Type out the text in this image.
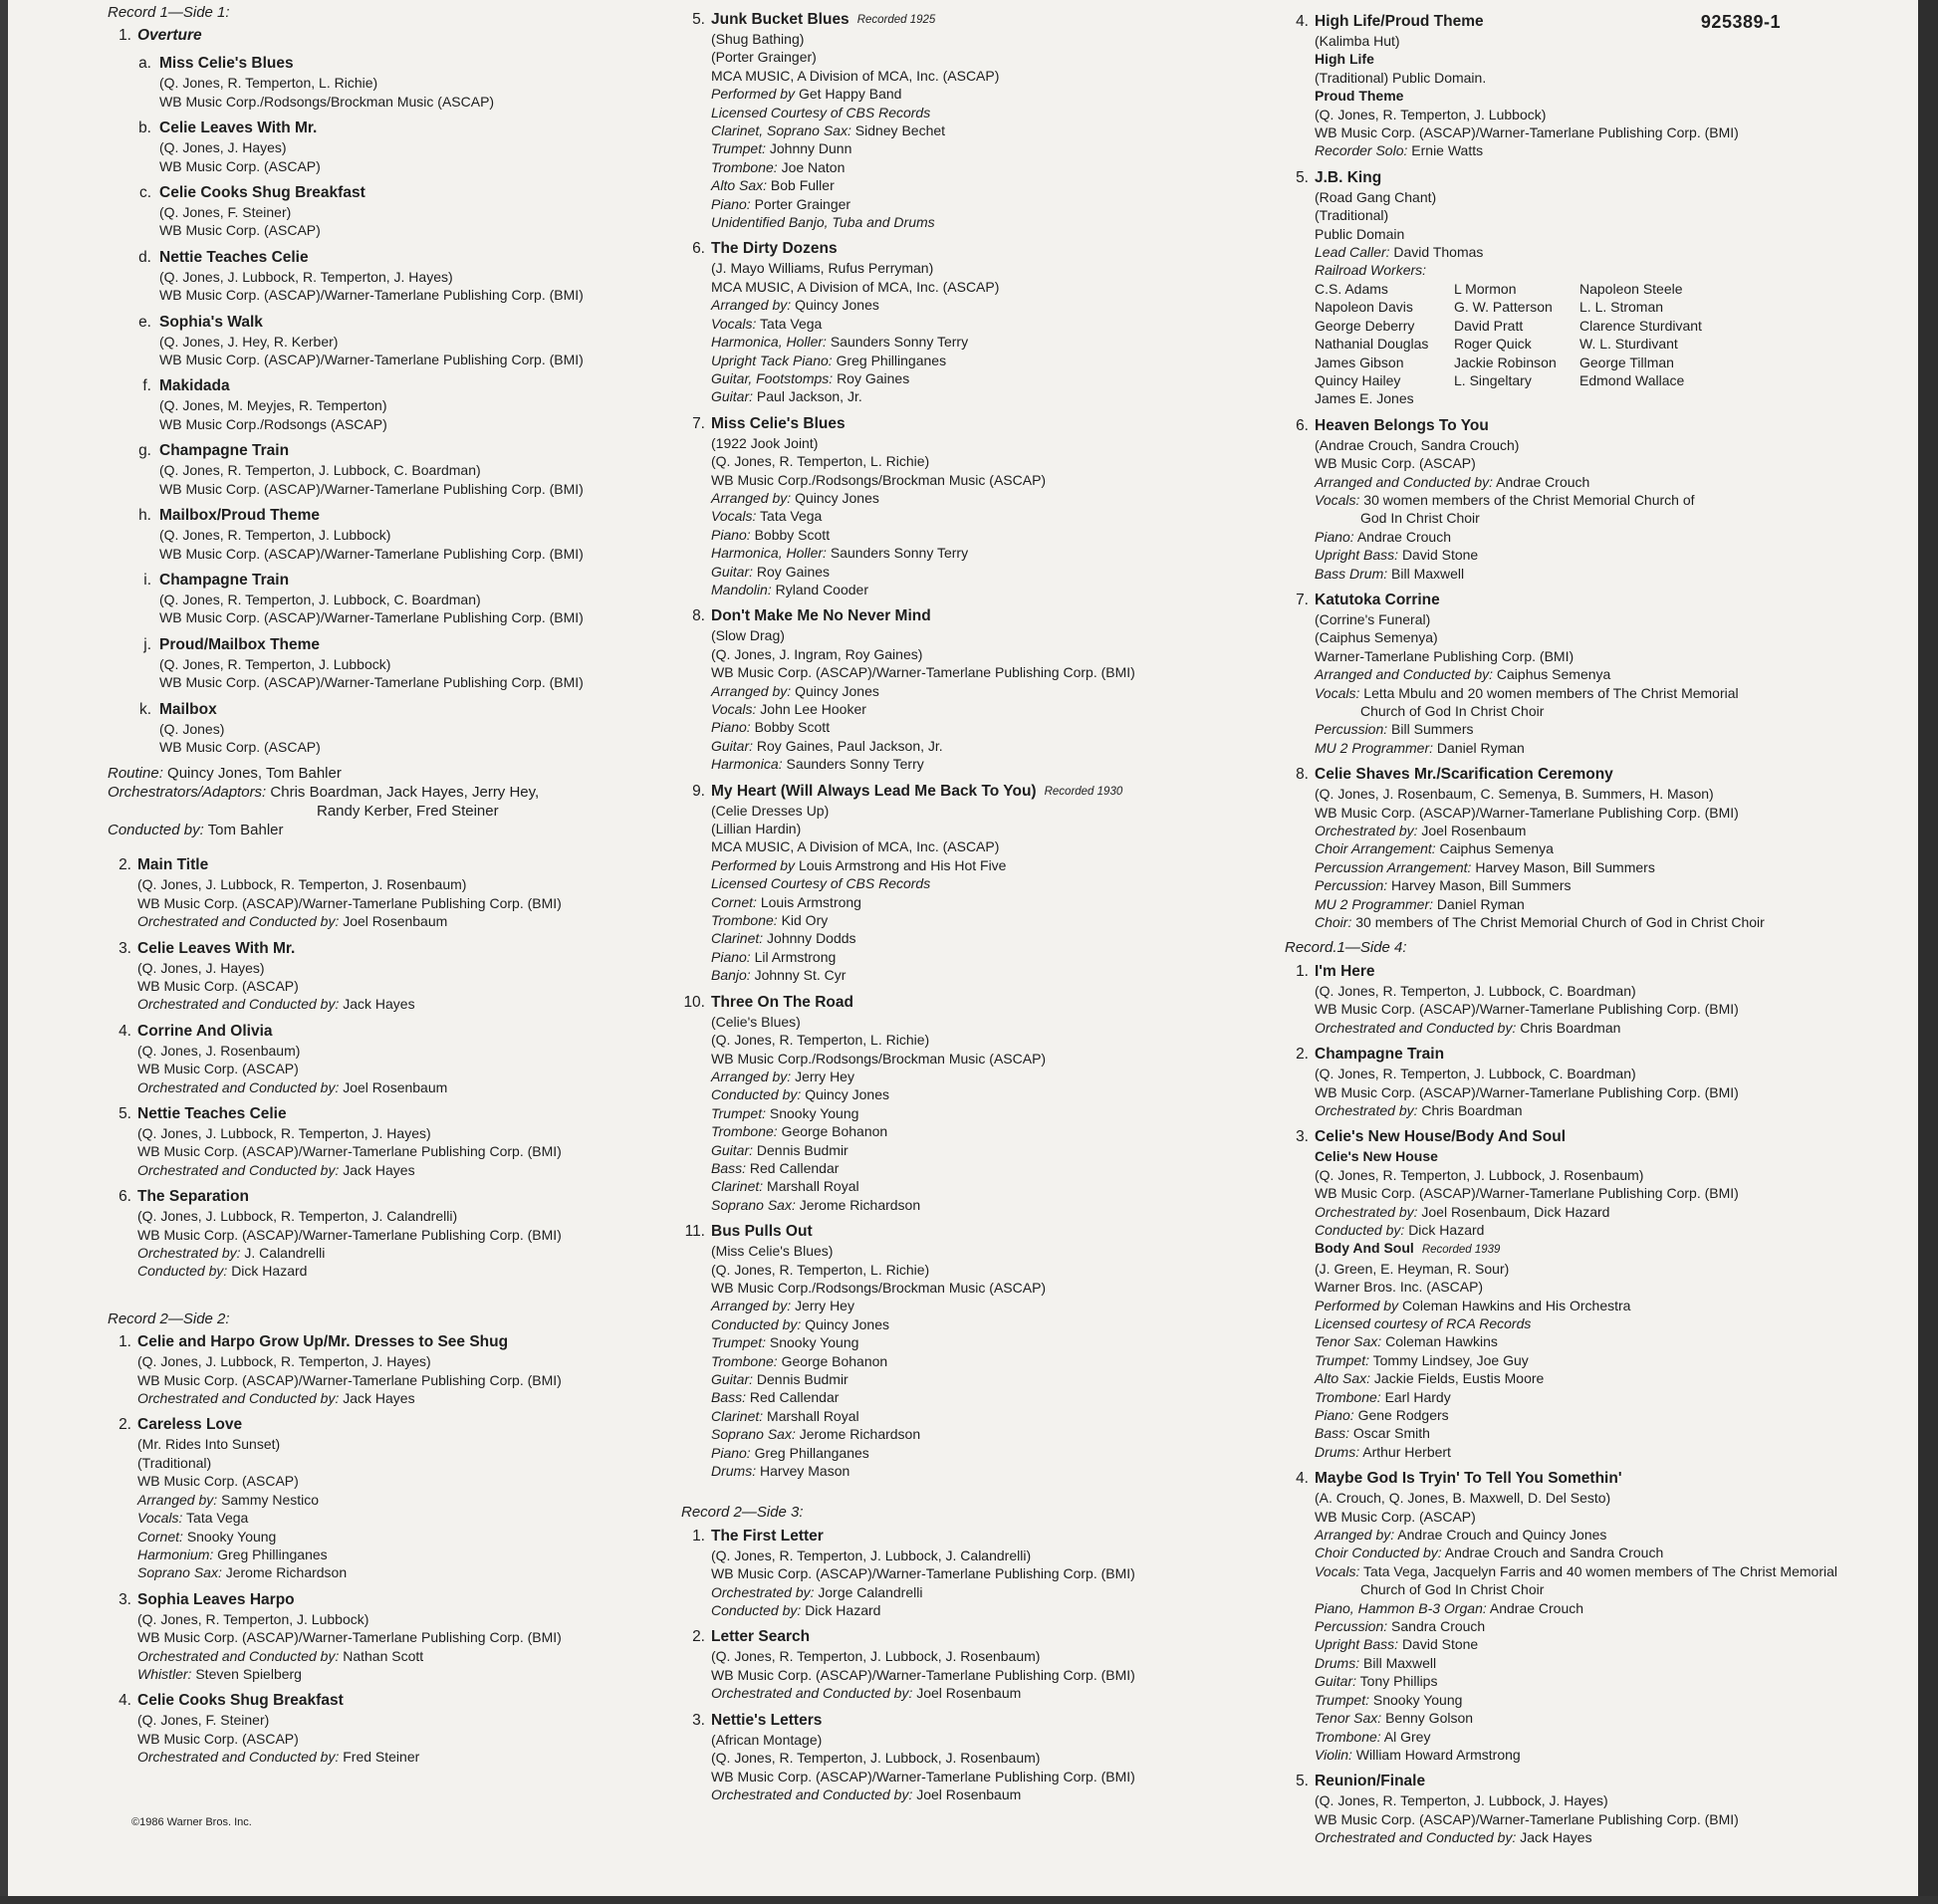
925389-1
Record 1—Side 1:
1. Overture
a. Miss Celie's Blues
(Q. Jones, R. Temperton, L. Richie)
WB Music Corp./Rodsongs/Brockman Music (ASCAP)
b. Celie Leaves With Mr.
(Q. Jones, J. Hayes)
WB Music Corp. (ASCAP)
c. Celie Cooks Shug Breakfast
(Q. Jones, F. Steiner)
WB Music Corp. (ASCAP)
d. Nettie Teaches Celie
(Q. Jones, J. Lubbock, R. Temperton, J. Hayes)
WB Music Corp. (ASCAP)/Warner-Tamerlane Publishing Corp. (BMI)
e. Sophia's Walk
(Q. Jones, J. Hey, R. Kerber)
WB Music Corp. (ASCAP)/Warner-Tamerlane Publishing Corp. (BMI)
f. Makidada
(Q. Jones, M. Meyjes, R. Temperton)
WB Music Corp./Rodsongs (ASCAP)
g. Champagne Train
(Q. Jones, R. Temperton, J. Lubbock, C. Boardman)
WB Music Corp. (ASCAP)/Warner-Tamerlane Publishing Corp. (BMI)
h. Mailbox/Proud Theme
(Q. Jones, R. Temperton, J. Lubbock)
WB Music Corp. (ASCAP)/Warner-Tamerlane Publishing Corp. (BMI)
i. Champagne Train
(Q. Jones, R. Temperton, J. Lubbock, C. Boardman)
WB Music Corp. (ASCAP)/Warner-Tamerlane Publishing Corp. (BMI)
j. Proud/Mailbox Theme
(Q. Jones, R. Temperton, J. Lubbock)
WB Music Corp. (ASCAP)/Warner-Tamerlane Publishing Corp. (BMI)
k. Mailbox
(Q. Jones)
WB Music Corp. (ASCAP)
Routine: Quincy Jones, Tom Bahler
Orchestrators/Adaptors: Chris Boardman, Jack Hayes, Jerry Hey,
Randy Kerber, Fred Steiner
Conducted by: Tom Bahler
2. Main Title
(Q. Jones, J. Lubbock, R. Temperton, J. Rosenbaum)
WB Music Corp. (ASCAP)/Warner-Tamerlane Publishing Corp. (BMI)
Orchestrated and Conducted by: Joel Rosenbaum
3. Celie Leaves With Mr.
(Q. Jones, J. Hayes)
WB Music Corp. (ASCAP)
Orchestrated and Conducted by: Jack Hayes
4. Corrine And Olivia
(Q. Jones, J. Rosenbaum)
WB Music Corp. (ASCAP)
Orchestrated and Conducted by: Joel Rosenbaum
5. Nettie Teaches Celie
(Q. Jones, J. Lubbock, R. Temperton, J. Hayes)
WB Music Corp. (ASCAP)/Warner-Tamerlane Publishing Corp. (BMI)
Orchestrated and Conducted by: Jack Hayes
6. The Separation
(Q. Jones, J. Lubbock, R. Temperton, J. Calandrelli)
WB Music Corp. (ASCAP)/Warner-Tamerlane Publishing Corp. (BMI)
Orchestrated by: J. Calandrelli
Conducted by: Dick Hazard
Record 2—Side 2:
1. Celie and Harpo Grow Up/Mr. Dresses to See Shug
(Q. Jones, J. Lubbock, R. Temperton, J. Hayes)
WB Music Corp. (ASCAP)/Warner-Tamerlane Publishing Corp. (BMI)
Orchestrated and Conducted by: Jack Hayes
2. Careless Love
(Mr. Rides Into Sunset)
(Traditional)
WB Music Corp. (ASCAP)
Arranged by: Sammy Nestico
Vocals: Tata Vega
Cornet: Snooky Young
Harmonium: Greg Phillinganes
Soprano Sax: Jerome Richardson
3. Sophia Leaves Harpo
(Q. Jones, R. Temperton, J. Lubbock)
WB Music Corp. (ASCAP)/Warner-Tamerlane Publishing Corp. (BMI)
Orchestrated and Conducted by: Nathan Scott
Whistler: Steven Spielberg
4. Celie Cooks Shug Breakfast
(Q. Jones, F. Steiner)
WB Music Corp. (ASCAP)
Orchestrated and Conducted by: Fred Steiner
©1986 Warner Bros. Inc.
5. Junk Bucket Blues Recorded 1925
(Shug Bathing)
(Porter Grainger)
MCA MUSIC, A Division of MCA, Inc. (ASCAP)
Performed by Get Happy Band
Licensed Courtesy of CBS Records
Clarinet, Soprano Sax: Sidney Bechet
Trumpet: Johnny Dunn
Trombone: Joe Naton
Alto Sax: Bob Fuller
Piano: Porter Grainger
Unidentified Banjo, Tuba and Drums
6. The Dirty Dozens
(J. Mayo Williams, Rufus Perryman)
MCA MUSIC, A Division of MCA, Inc. (ASCAP)
Arranged by: Quincy Jones
Vocals: Tata Vega
Harmonica, Holler: Saunders Sonny Terry
Upright Tack Piano: Greg Phillinganes
Guitar, Footstomps: Roy Gaines
Guitar: Paul Jackson, Jr.
7. Miss Celie's Blues
(1922 Jook Joint)
(Q. Jones, R. Temperton, L. Richie)
WB Music Corp./Rodsongs/Brockman Music (ASCAP)
Arranged by: Quincy Jones
Vocals: Tata Vega
Piano: Bobby Scott
Harmonica, Holler: Saunders Sonny Terry
Guitar: Roy Gaines
Mandolin: Ryland Cooder
8. Don't Make Me No Never Mind
(Slow Drag)
(Q. Jones, J. Ingram, Roy Gaines)
WB Music Corp. (ASCAP)/Warner-Tamerlane Publishing Corp. (BMI)
Arranged by: Quincy Jones
Vocals: John Lee Hooker
Piano: Bobby Scott
Guitar: Roy Gaines, Paul Jackson, Jr.
Harmonica: Saunders Sonny Terry
9. My Heart (Will Always Lead Me Back To You) Recorded 1930
(Celie Dresses Up)
(Lillian Hardin)
MCA MUSIC, A Division of MCA, Inc. (ASCAP)
Performed by Louis Armstrong and His Hot Five
Licensed Courtesy of CBS Records
Cornet: Louis Armstrong
Trombone: Kid Ory
Clarinet: Johnny Dodds
Piano: Lil Armstrong
Banjo: Johnny St. Cyr
10. Three On The Road
(Celie's Blues)
(Q. Jones, R. Temperton, L. Richie)
WB Music Corp./Rodsongs/Brockman Music (ASCAP)
Arranged by: Jerry Hey
Conducted by: Quincy Jones
Trumpet: Snooky Young
Trombone: George Bohanon
Guitar: Dennis Budmir
Bass: Red Callendar
Clarinet: Marshall Royal
Soprano Sax: Jerome Richardson
11. Bus Pulls Out
(Miss Celie's Blues)
(Q. Jones, R. Temperton, L. Richie)
WB Music Corp./Rodsongs/Brockman Music (ASCAP)
Arranged by: Jerry Hey
Conducted by: Quincy Jones
Trumpet: Snooky Young
Trombone: George Bohanon
Guitar: Dennis Budmir
Bass: Red Callendar
Clarinet: Marshall Royal
Soprano Sax: Jerome Richardson
Piano: Greg Phillanganes
Drums: Harvey Mason
Record 2—Side 3:
1. The First Letter
(Q. Jones, R. Temperton, J. Lubbock, J. Calandrelli)
WB Music Corp. (ASCAP)/Warner-Tamerlane Publishing Corp. (BMI)
Orchestrated by: Jorge Calandrelli
Conducted by: Dick Hazard
2. Letter Search
(Q. Jones, R. Temperton, J. Lubbock, J. Rosenbaum)
WB Music Corp. (ASCAP)/Warner-Tamerlane Publishing Corp. (BMI)
Orchestrated and Conducted by: Joel Rosenbaum
3. Nettie's Letters
(African Montage)
(Q. Jones, R. Temperton, J. Lubbock, J. Rosenbaum)
WB Music Corp. (ASCAP)/Warner-Tamerlane Publishing Corp. (BMI)
Orchestrated and Conducted by: Joel Rosenbaum
4. High Life/Proud Theme
(Kalimba Hut)
High Life
(Traditional) Public Domain.
Proud Theme
(Q. Jones, R. Temperton, J. Lubbock)
WB Music Corp. (ASCAP)/Warner-Tamerlane Publishing Corp. (BMI)
Recorder Solo: Ernie Watts
5. J.B. King
(Road Gang Chant)
(Traditional)
Public Domain
Lead Caller: David Thomas
Railroad Workers:
C.S. Adams	L Mormon	Napoleon Steele
Napoleon Davis	G. W. Patterson	L. L. Stroman
George Deberry	David Pratt	Clarence Sturdivant
Nathanial Douglas	Roger Quick	W. L. Sturdivant
James Gibson	Jackie Robinson	George Tillman
Quincy Hailey	L. Singeltary	Edmond Wallace
James E. Jones
6. Heaven Belongs To You
(Andrae Crouch, Sandra Crouch)
WB Music Corp. (ASCAP)
Arranged and Conducted by: Andrae Crouch
Vocals: 30 women members of the Christ Memorial Church of
God In Christ Choir
Piano: Andrae Crouch
Upright Bass: David Stone
Bass Drum: Bill Maxwell
7. Katutoka Corrine
(Corrine's Funeral)
(Caiphus Semenya)
Warner-Tamerlane Publishing Corp. (BMI)
Arranged and Conducted by: Caiphus Semenya
Vocals: Letta Mbulu and 20 women members of The Christ Memorial
Church of God In Christ Choir
Percussion: Bill Summers
MU 2 Programmer: Daniel Ryman
8. Celie Shaves Mr./Scarification Ceremony
(Q. Jones, J. Rosenbaum, C. Semenya, B. Summers, H. Mason)
WB Music Corp. (ASCAP)/Warner-Tamerlane Publishing Corp. (BMI)
Orchestrated by: Joel Rosenbaum
Choir Arrangement: Caiphus Semenya
Percussion Arrangement: Harvey Mason, Bill Summers
Percussion: Harvey Mason, Bill Summers
MU 2 Programmer: Daniel Ryman
Choir: 30 members of The Christ Memorial Church of God in Christ Choir
Record.1—Side 4:
1. I'm Here
(Q. Jones, R. Temperton, J. Lubbock, C. Boardman)
WB Music Corp. (ASCAP)/Warner-Tamerlane Publishing Corp. (BMI)
Orchestrated and Conducted by: Chris Boardman
2. Champagne Train
(Q. Jones, R. Temperton, J. Lubbock, C. Boardman)
WB Music Corp. (ASCAP)/Warner-Tamerlane Publishing Corp. (BMI)
Orchestrated by: Chris Boardman
3. Celie's New House/Body And Soul
Celie's New House
(Q. Jones, R. Temperton, J. Lubbock, J. Rosenbaum)
WB Music Corp. (ASCAP)/Warner-Tamerlane Publishing Corp. (BMI)
Orchestrated by: Joel Rosenbaum, Dick Hazard
Conducted by: Dick Hazard
Body And Soul Recorded 1939
(J. Green, E. Heyman, R. Sour)
Warner Bros. Inc. (ASCAP)
Performed by Coleman Hawkins and His Orchestra
Licensed courtesy of RCA Records
Tenor Sax: Coleman Hawkins
Trumpet: Tommy Lindsey, Joe Guy
Alto Sax: Jackie Fields, Eustis Moore
Trombone: Earl Hardy
Piano: Gene Rodgers
Bass: Oscar Smith
Drums: Arthur Herbert
4. Maybe God Is Tryin' To Tell You Somethin'
(A. Crouch, Q. Jones, B. Maxwell, D. Del Sesto)
WB Music Corp. (ASCAP)
Arranged by: Andrae Crouch and Quincy Jones
Choir Conducted by: Andrae Crouch and Sandra Crouch
Vocals: Tata Vega, Jacquelyn Farris and 40 women members of The Christ Memorial
Church of God In Christ Choir
Piano, Hammon B-3 Organ: Andrae Crouch
Percussion: Sandra Crouch
Upright Bass: David Stone
Drums: Bill Maxwell
Guitar: Tony Phillips
Trumpet: Snooky Young
Tenor Sax: Benny Golson
Trombone: Al Grey
Violin: William Howard Armstrong
5. Reunion/Finale
(Q. Jones, R. Temperton, J. Lubbock, J. Hayes)
WB Music Corp. (ASCAP)/Warner-Tamerlane Publishing Corp. (BMI)
Orchestrated and Conducted by: Jack Hayes
